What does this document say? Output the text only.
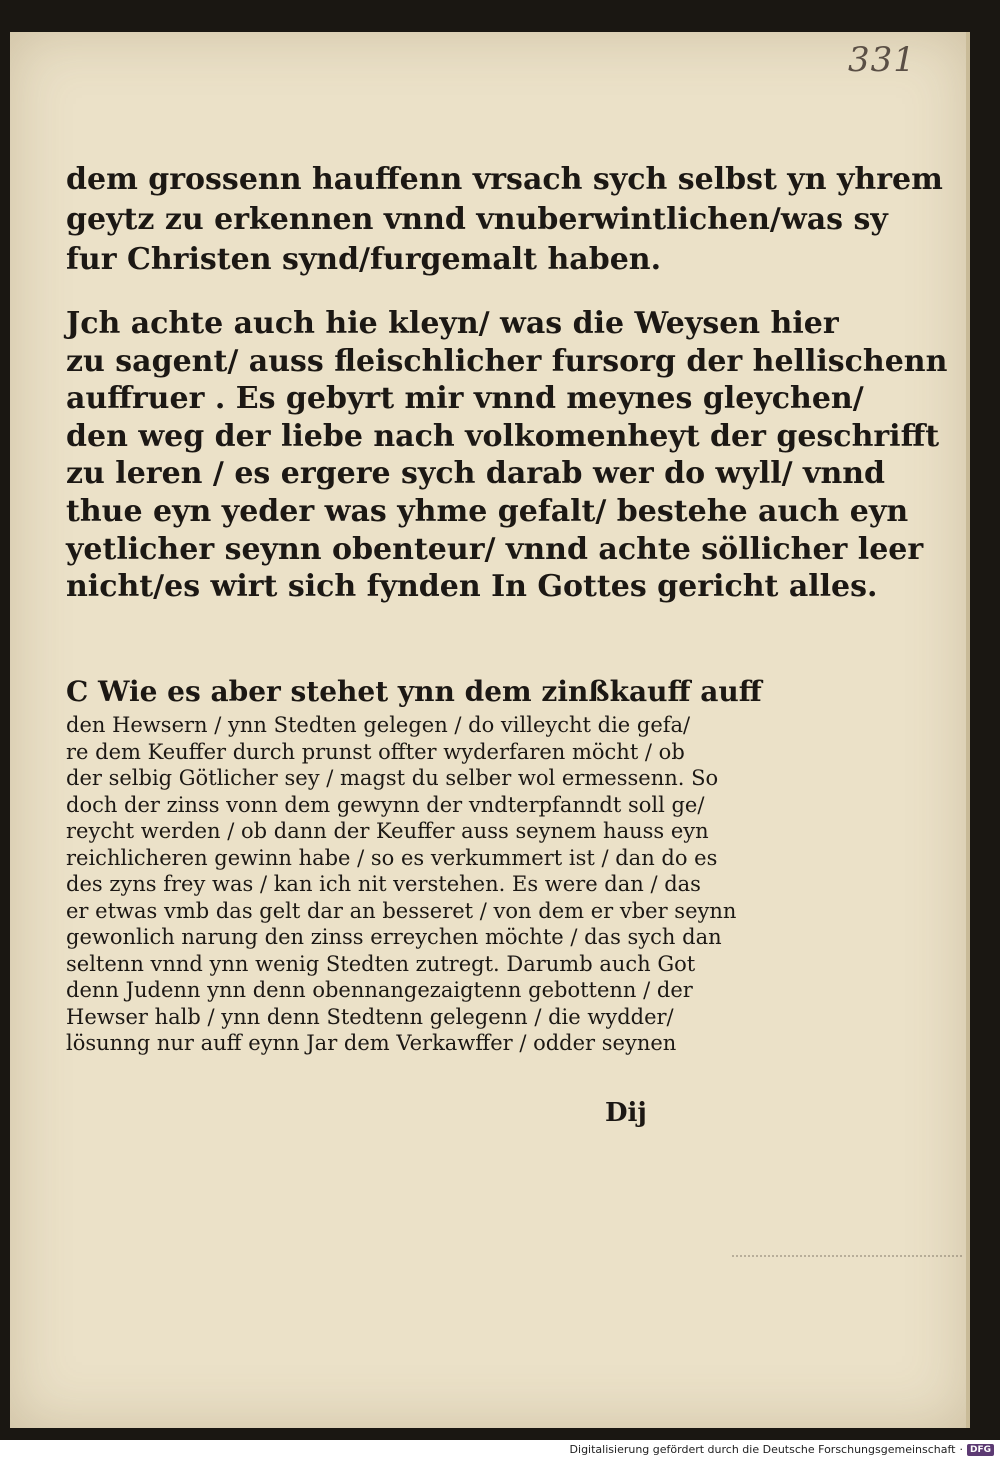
331
dem grossenn hauffenn vrsach sych selbst yn yhrem
geytz zu erkennen vnnd vnuberwintlichen/was sy
fur Christen synd/furgemalt haben.
Jch achte auch hie kleyn/ was die Weysen hier
zu sagent/ auss fleischlicher fursorg der hellischenn
auffruer . Es gebyrt mir vnnd meynes gleychen/
den weg der liebe nach volkomenheyt der geschrifft
zu leren / es ergere sych darab wer do wyll/ vnnd
thue eyn yeder was yhme gefalt/ bestehe auch eyn
yetlicher seynn obenteur/ vnnd achte söllicher leer
nicht/es wirt sich fynden In Gottes gericht alles.
C Wie es aber stehet ynn dem zinßkauff auff
den Hewsern / ynn Stedten gelegen / do villeycht die gefa/
re dem Keuffer durch prunst offter wyderfaren möcht / ob
der selbig Götlicher sey / magst du selber wol ermessenn. So
doch der zinss vonn dem gewynn der vndterpfanndt soll ge/
reycht werden / ob dann der Keuffer auss seynem hauss eyn
reichlicheren gewinn habe / so es verkummert ist / dan do es
des zyns frey was / kan ich nit verstehen. Es were dan / das
er etwas vmb das gelt dar an besseret / von dem er vber seynn
gewonlich narung den zinss erreychen möchte / das sych dan
seltenn vnnd ynn wenig Stedten zutregt. Darumb auch Got
denn Judenn ynn denn obennangezaigtenn gebottenn / der
Hewser halb / ynn denn Stedtenn gelegenn / die wydder/
lösunng nur auff eynn Jar dem Verkawffer / odder seynen
Dij
Digitalisierung gefördert durch die Deutsche Forschungsgemeinschaft · DFG
